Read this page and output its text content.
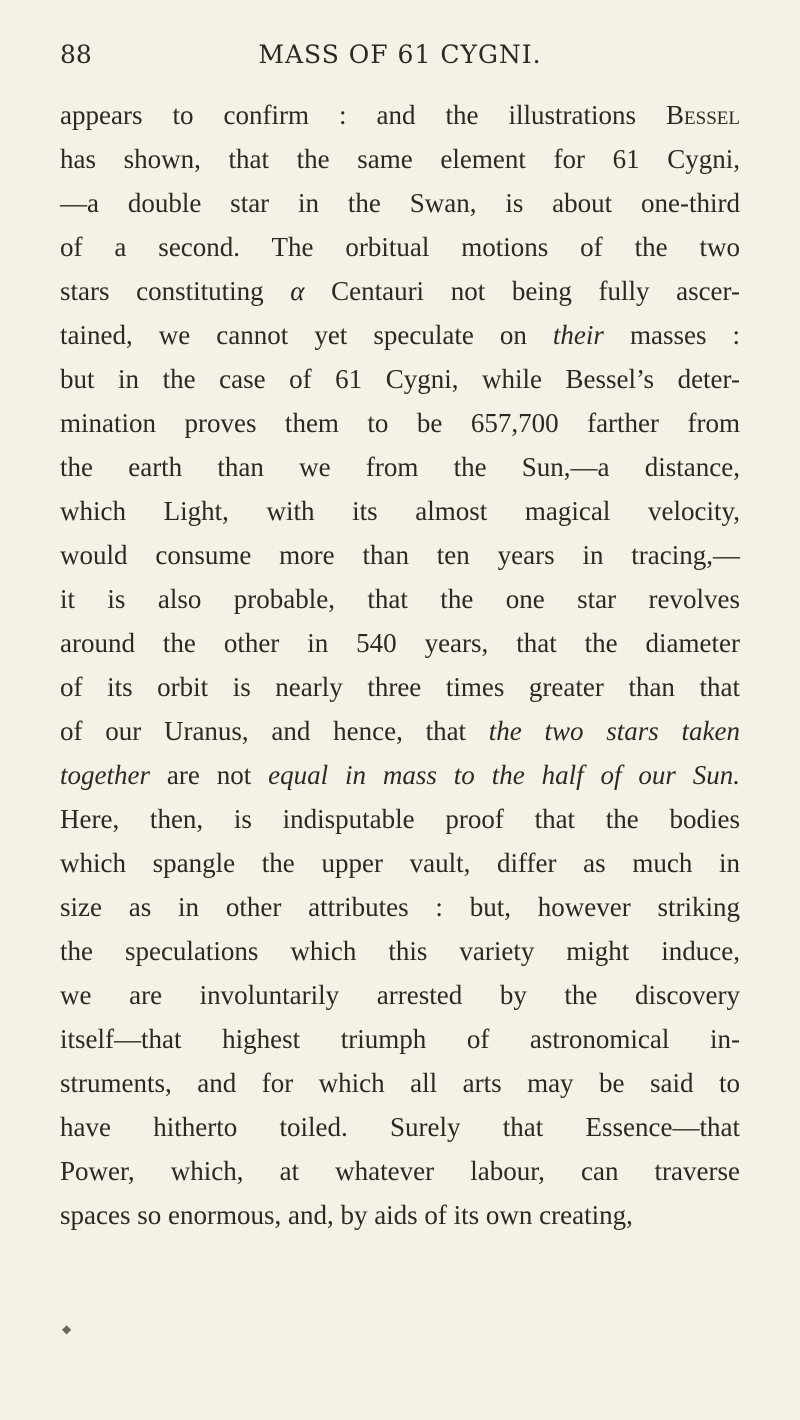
88	MASS OF 61 CYGNI.
appears to confirm : and the illustrations Bessel
has shown, that the same element for 61 Cygni,
—a double star in the Swan, is about one-third
of a second. The orbitual motions of the two
stars constituting α Centauri not being fully ascer-
tained, we cannot yet speculate on their masses :
but in the case of 61 Cygni, while Bessel’s deter-
mination proves them to be 657,700 farther from
the earth than we from the Sun,—a distance,
which Light, with its almost magical velocity,
would consume more than ten years in tracing,—
it is also probable, that the one star revolves
around the other in 540 years, that the diameter
of its orbit is nearly three times greater than that
of our Uranus, and hence, that the two stars taken
together are not equal in mass to the half of our Sun.
Here, then, is indisputable proof that the bodies
which spangle the upper vault, differ as much in
size as in other attributes : but, however striking
the speculations which this variety might induce,
we are involuntarily arrested by the discovery
itself—that highest triumph of astronomical in-
struments, and for which all arts may be said to
have hitherto toiled. Surely that Essence—that
Power, which, at whatever labour, can traverse
spaces so enormous, and, by aids of its own creating,
◆
